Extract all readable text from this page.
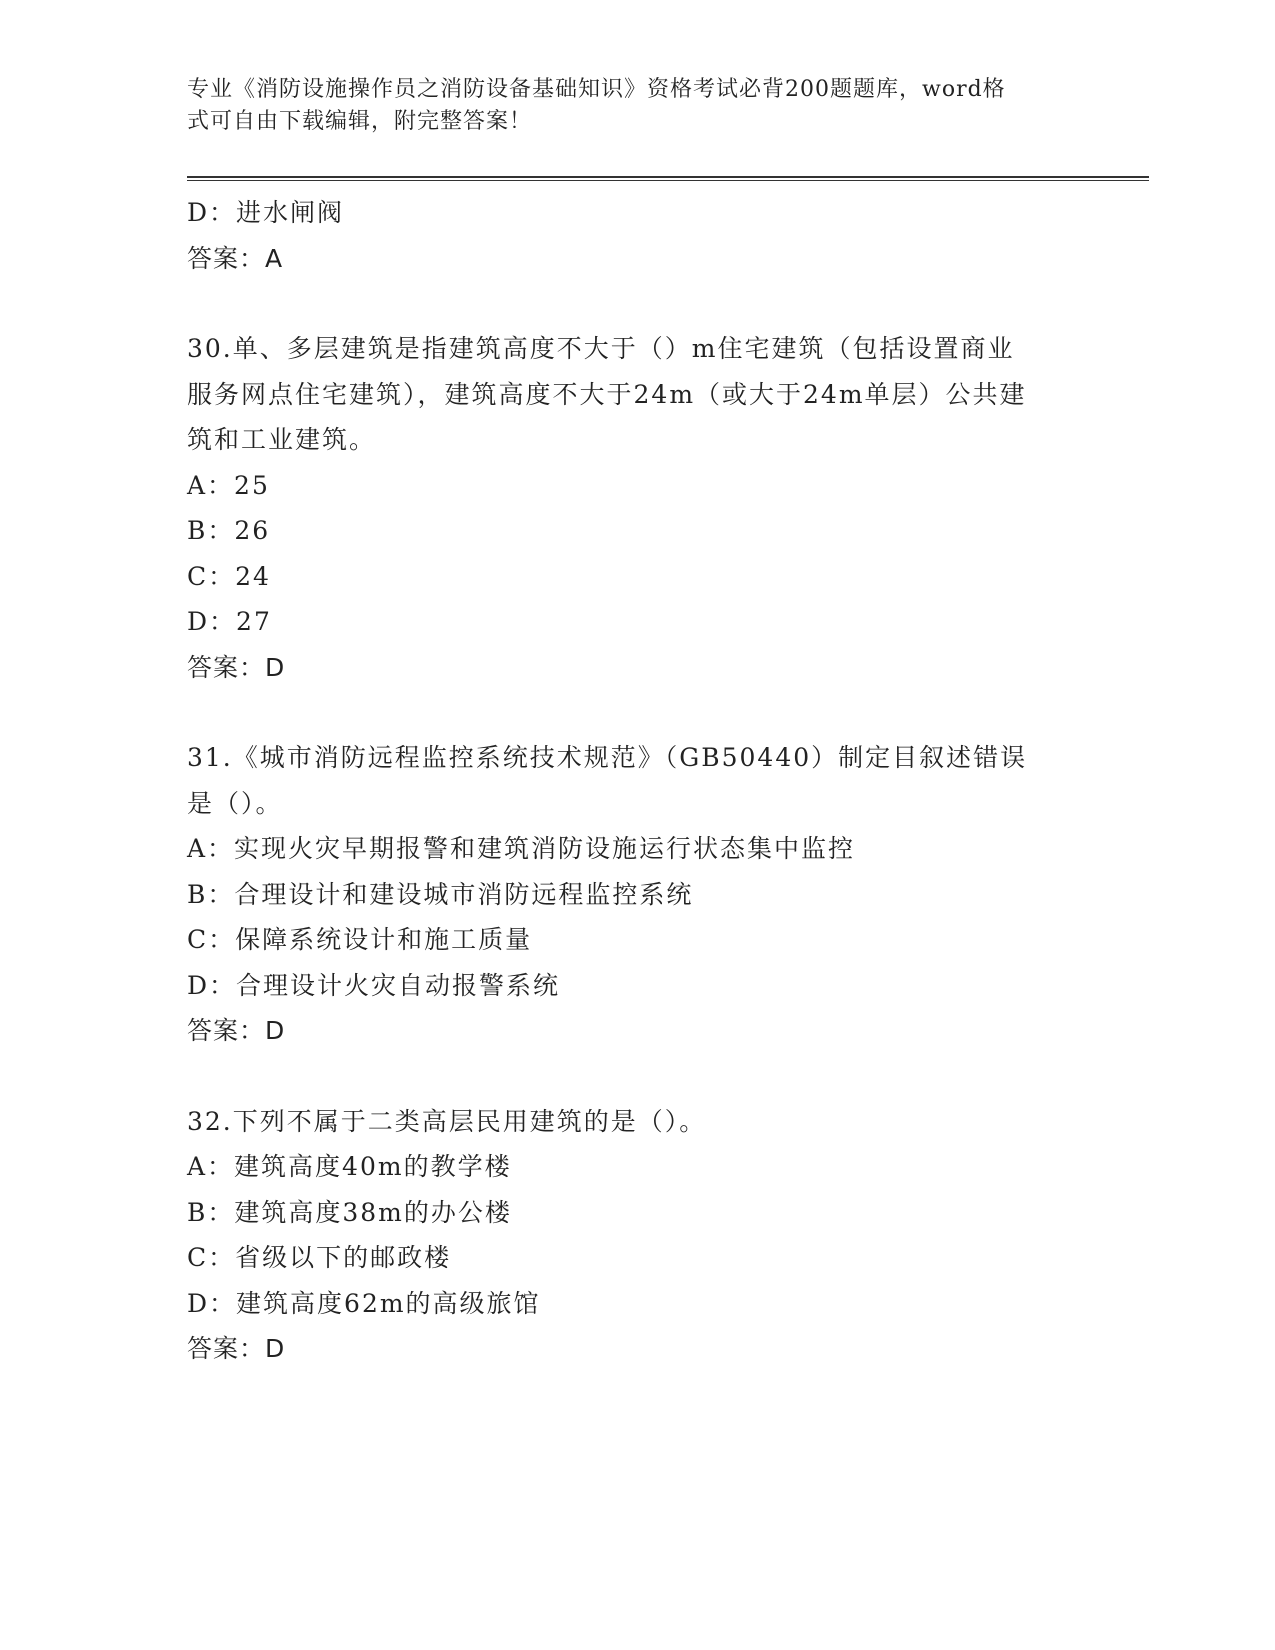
专业《消防设施操作员之消防设备基础知识》资格考试必背200题题库，word格
式可自由下载编辑，附完整答案！

D：进水闸阀

答案：A

30.单、多层建筑是指建筑高度不大于（）m住宅建筑（包括设置商业

服务网点住宅建筑），建筑高度不大于24m（或大于24m单层）公共建

筑和工业建筑。

A：25

B：26

C：24

D：27

答案：D

31.《城市消防远程监控系统技术规范》（GB50440）制定目叙述错误

是（）。

A：实现火灾早期报警和建筑消防设施运行状态集中监控

B：合理设计和建设城市消防远程监控系统

C：保障系统设计和施工质量

D：合理设计火灾自动报警系统

答案：D

32.下列不属于二类高层民用建筑的是（）。

A：建筑高度40m的教学楼

B：建筑高度38m的办公楼

C：省级以下的邮政楼

D：建筑高度62m的高级旅馆

答案：D
